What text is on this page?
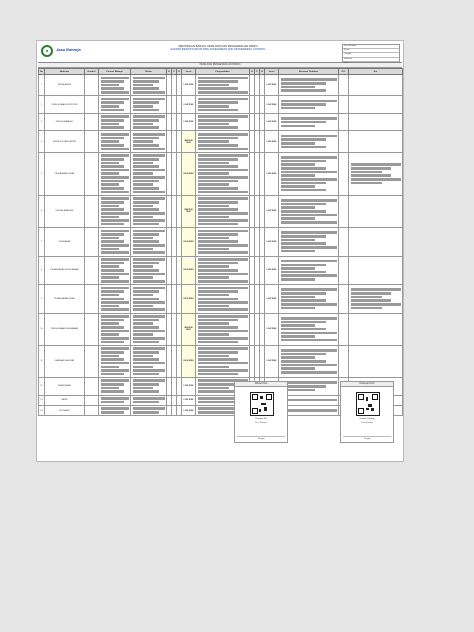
Jasa Raharja
IDENTIFIKASI BAHAYA, PENILAIAN DAN PENGENDALIAN RISIKO
HAZARD IDENTIFICATION RISK ASSESSMENT AND DETERMINING CONTROL
No. Dokumen
Revisi
Tanggal
Halaman
PENILAIAN PENGENDALIAN RISIKO
No	Aktivitas	Kondisi	Potensi Bahaya	Risiko	K	P	R	Level	Pengendalian	K	P	R	Level	Rencana Tindakan	PIC	Ket
1	KERJA ADMIN							LOW RISK					LOW RISK	

2	PENGGUNAAN KOMPUTER							LOW RISK					LOW RISK	

3	PENGGUNAAN AC							LOW RISK					LOW RISK	

4	KERJA DI RUANG ARSIP							MEDIUM RISK					LOW RISK	

5	PERJALANAN DINAS							HIGH RISK					LOW RISK	

6	KERJA LAPANGAN							MEDIUM RISK					LOW RISK	

7	PELAYANAN							HIGH RISK					LOW RISK	

8	PENANGANAN KECELAKAAN							HIGH RISK					LOW RISK	

9	PENANGANAN KLAIM							HIGH RISK					LOW RISK	

10	PENGGUNAAN KENDARAAN							MEDIUM RISK					LOW RISK	

11	KEADAAN DARURAT							HIGH RISK					LOW RISK	

12	KEBERSIHAN							LOW RISK	

13	RAPAT							LOW RISK	

14	ISTIRAHAT							LOW RISK	

Dibuat Oleh
Petugas K3
Jasa Raharja
Tanggal
Disetujui Oleh
Kepala Cabang
Jasa Raharja
Tanggal
